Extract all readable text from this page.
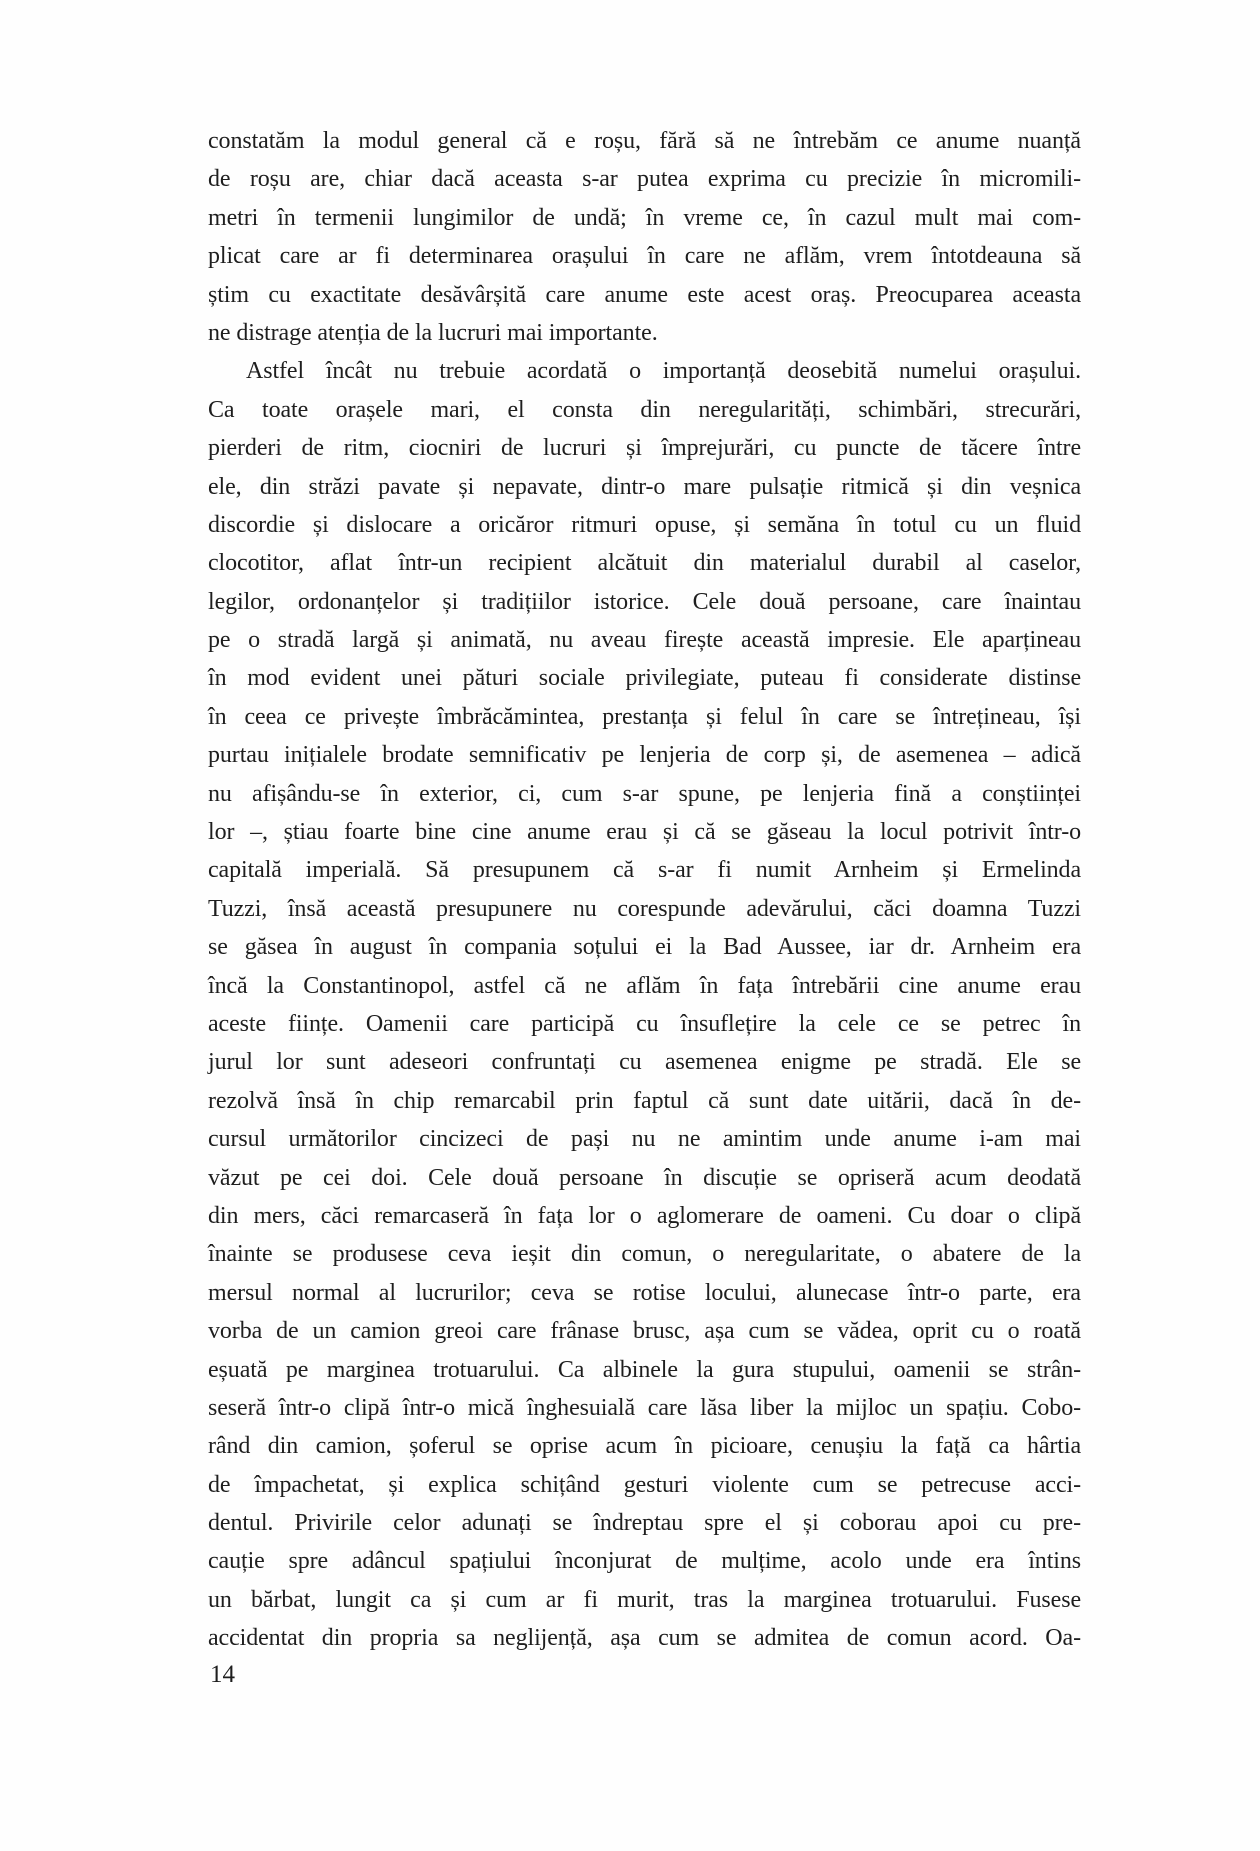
constatăm la modul general că e roșu, fără să ne întrebăm ce anume nuanță
de roșu are, chiar dacă aceasta s-ar putea exprima cu precizie în micromili-
metri în termenii lungimilor de undă; în vreme ce, în cazul mult mai com-
plicat care ar fi determinarea orașului în care ne aflăm, vrem întotdeauna să
știm cu exactitate desăvârșită care anume este acest oraș. Preocuparea aceasta
ne distrage atenția de la lucruri mai importante.
Astfel încât nu trebuie acordată o importanță deosebită numelui orașului.
Ca toate orașele mari, el consta din neregularități, schimbări, strecurări,
pierderi de ritm, ciocniri de lucruri și împrejurări, cu puncte de tăcere între
ele, din străzi pavate și nepavate, dintr-o mare pulsație ritmică și din veșnica
discordie și dislocare a oricăror ritmuri opuse, și semăna în totul cu un fluid
clocotitor, aflat într-un recipient alcătuit din materialul durabil al caselor,
legilor, ordonanțelor și tradițiilor istorice. Cele două persoane, care înaintau
pe o stradă largă și animată, nu aveau firește această impresie. Ele aparțineau
în mod evident unei pături sociale privilegiate, puteau fi considerate distinse
în ceea ce privește îmbrăcămintea, prestanța și felul în care se întrețineau, își
purtau inițialele brodate semnificativ pe lenjeria de corp și, de asemenea – adică
nu afișându-se în exterior, ci, cum s-ar spune, pe lenjeria fină a conștiinței
lor –, știau foarte bine cine anume erau și că se găseau la locul potrivit într-o
capitală imperială. Să presupunem că s-ar fi numit Arnheim și Ermelinda
Tuzzi, însă această presupunere nu corespunde adevărului, căci doamna Tuzzi
se găsea în august în compania soțului ei la Bad Aussee, iar dr. Arnheim era
încă la Constantinopol, astfel că ne aflăm în fața întrebării cine anume erau
aceste ființe. Oamenii care participă cu însuflețire la cele ce se petrec în
jurul lor sunt adeseori confruntați cu asemenea enigme pe stradă. Ele se
rezolvă însă în chip remarcabil prin faptul că sunt date uitării, dacă în de-
cursul următorilor cincizeci de pași nu ne amintim unde anume i-am mai
văzut pe cei doi. Cele două persoane în discuție se opriseră acum deodată
din mers, căci remarcaseră în fața lor o aglomerare de oameni. Cu doar o clipă
înainte se produsese ceva ieșit din comun, o neregularitate, o abatere de la
mersul normal al lucrurilor; ceva se rotise locului, alunecase într-o parte, era
vorba de un camion greoi care frânase brusc, așa cum se vădea, oprit cu o roată
eșuată pe marginea trotuarului. Ca albinele la gura stupului, oamenii se strân-
seseră într-o clipă într-o mică înghesuială care lăsa liber la mijloc un spațiu. Cobo-
rând din camion, șoferul se oprise acum în picioare, cenușiu la față ca hârtia
de împachetat, și explica schițând gesturi violente cum se petrecuse acci-
dentul. Privirile celor adunați se îndreptau spre el și coborau apoi cu pre-
cauție spre adâncul spațiului înconjurat de mulțime, acolo unde era întins
un bărbat, lungit ca și cum ar fi murit, tras la marginea trotuarului. Fusese
accidentat din propria sa neglijență, așa cum se admitea de comun acord. Oa-
14
